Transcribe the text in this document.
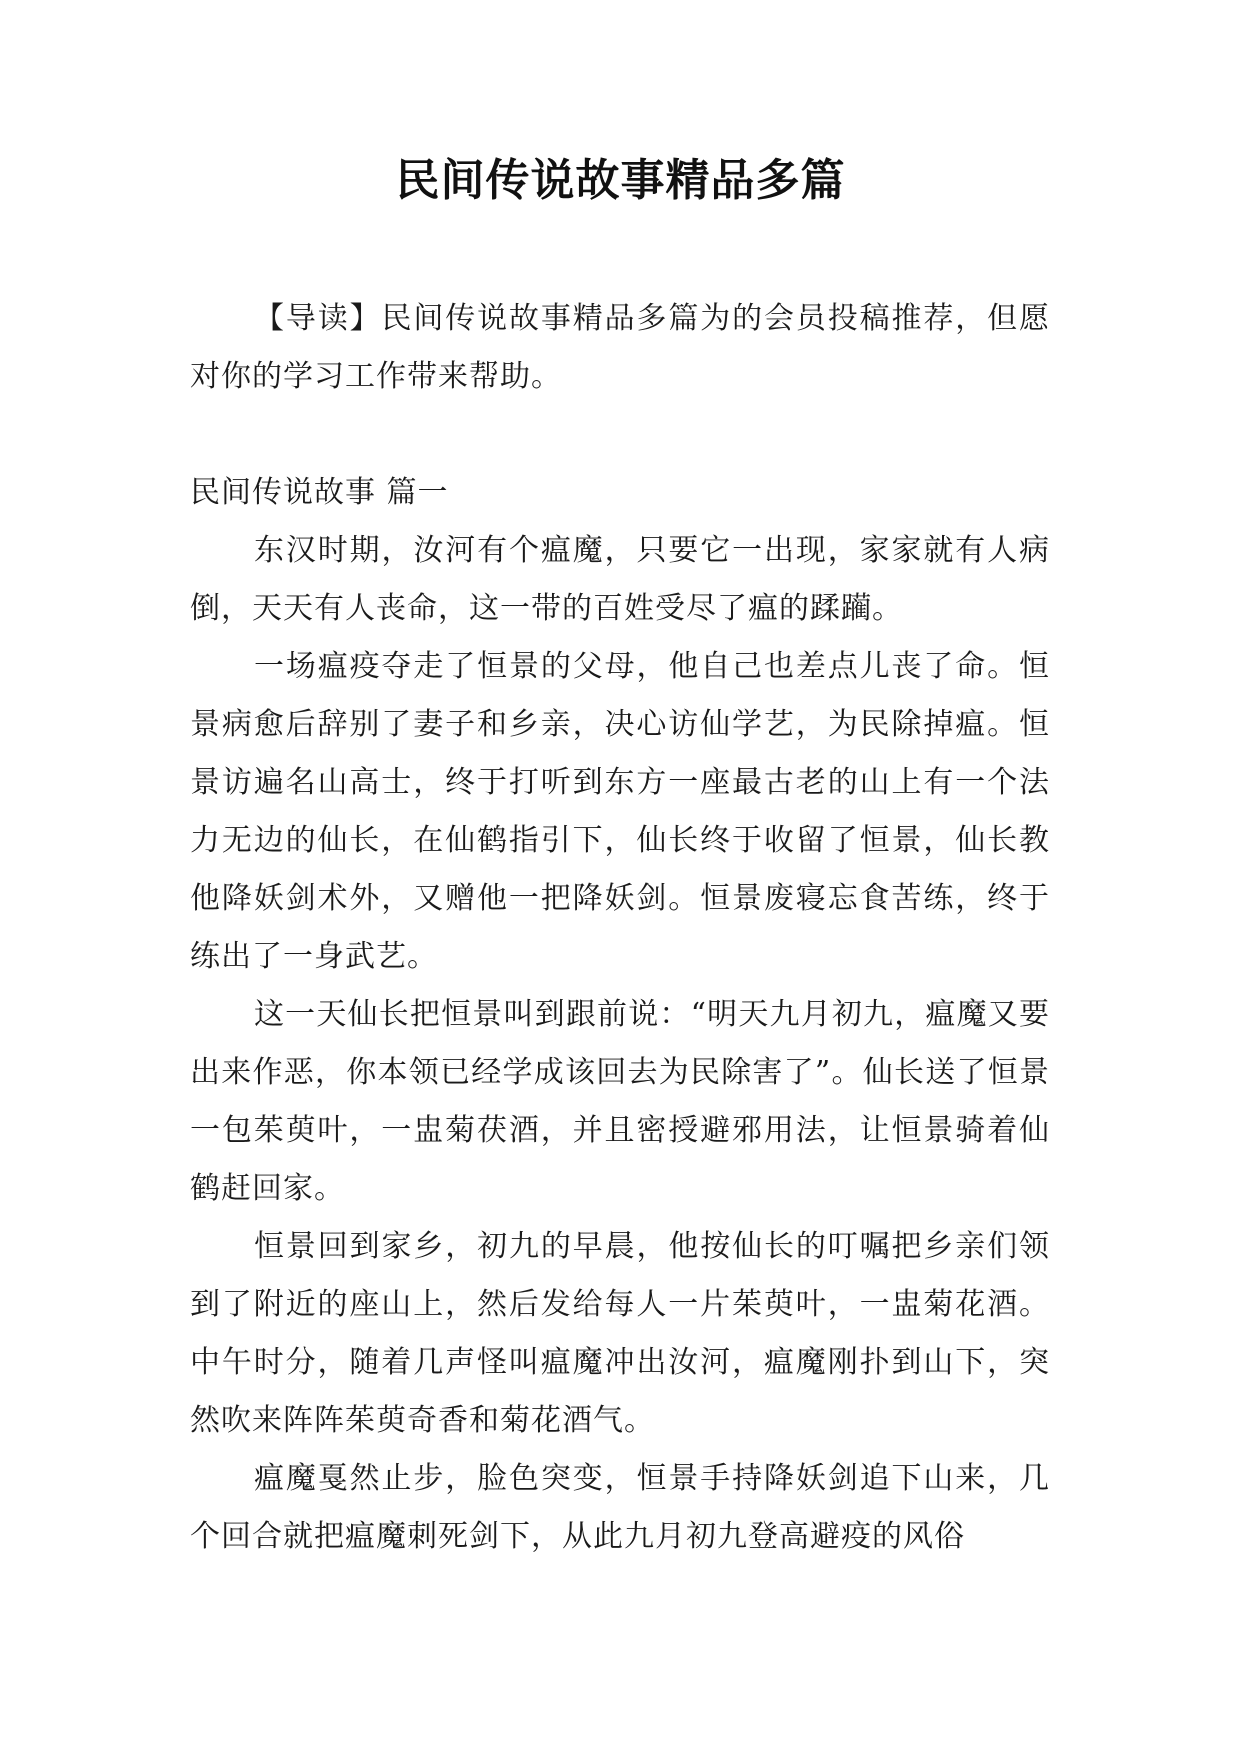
民间传说故事精品多篇

【导读】民间传说故事精品多篇为的会员投稿推荐，但愿对你的学习工作带来帮助。

民间传说故事 篇一

东汉时期，汝河有个瘟魔，只要它一出现，家家就有人病倒，天天有人丧命，这一带的百姓受尽了瘟的蹂躏。

一场瘟疫夺走了恒景的父母，他自己也差点儿丧了命。恒景病愈后辞别了妻子和乡亲，决心访仙学艺，为民除掉瘟。恒景访遍名山高士，终于打听到东方一座最古老的山上有一个法力无边的仙长，在仙鹤指引下，仙长终于收留了恒景，仙长教他降妖剑术外，又赠他一把降妖剑。恒景废寝忘食苦练，终于练出了一身武艺。

这一天仙长把恒景叫到跟前说：“明天九月初九，瘟魔又要出来作恶，你本领已经学成该回去为民除害了”。仙长送了恒景一包茱萸叶，一盅菊茯酒，并且密授避邪用法，让恒景骑着仙鹤赶回家。

恒景回到家乡，初九的早晨，他按仙长的叮嘱把乡亲们领到了附近的座山上，然后发给每人一片茱萸叶，一盅菊花酒。中午时分，随着几声怪叫瘟魔冲出汝河，瘟魔刚扑到山下，突然吹来阵阵茱萸奇香和菊花酒气。

瘟魔戛然止步，脸色突变，恒景手持降妖剑追下山来，几个回合就把瘟魔刺死剑下，从此九月初九登高避疫的风俗
